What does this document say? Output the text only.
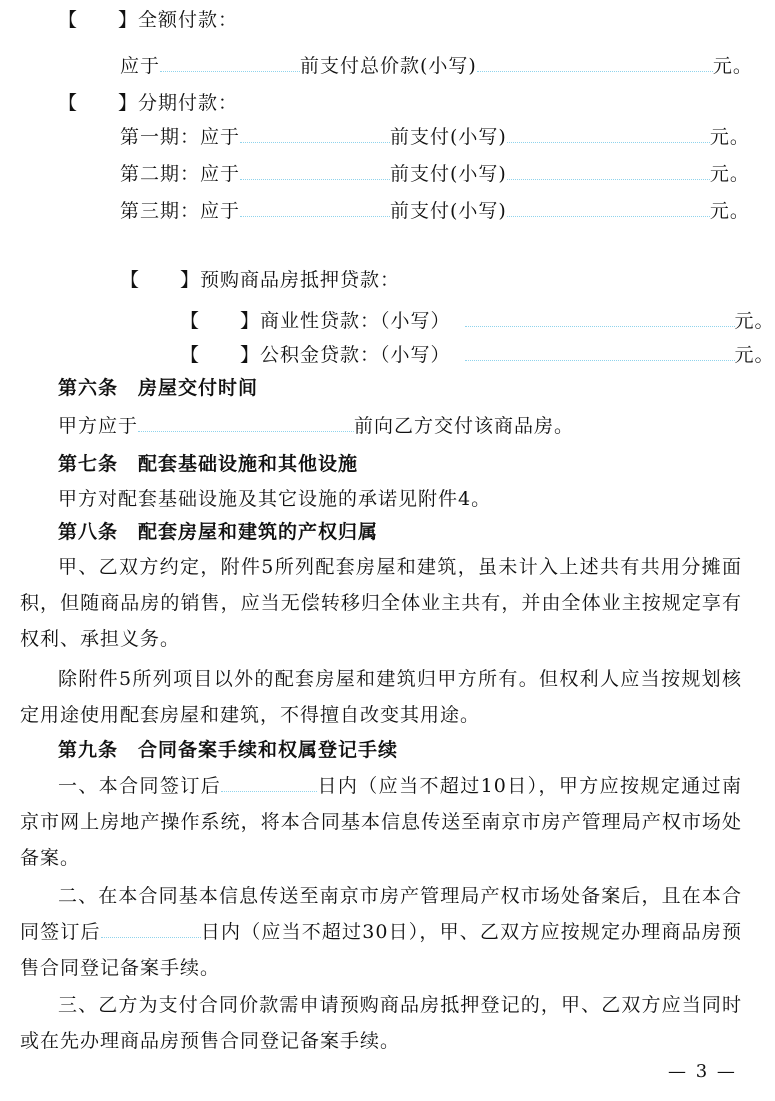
【　　】全额付款：
应于	前支付总价款(小写)	元。
【　　】分期付款：
第一期：应于	前支付(小写)	元。
第二期：应于	前支付(小写)	元。
第三期：应于	前支付(小写)	元。
【　　】预购商品房抵押贷款：
【　　】商业性贷款：（小写）	元。
【　　】公积金贷款：（小写）	元。
第六条　房屋交付时间
甲方应于	前向乙方交付该商品房。
第七条　配套基础设施和其他设施
甲方对配套基础设施及其它设施的承诺见附件4。
第八条　配套房屋和建筑的产权归属
甲、乙双方约定，附件5所列配套房屋和建筑，虽未计入上述共有共用分摊面积，但随商品房的销售，应当无偿转移归全体业主共有，并由全体业主按规定享有权利、承担义务。
除附件5所列项目以外的配套房屋和建筑归甲方所有。但权利人应当按规划核定用途使用配套房屋和建筑，不得擅自改变其用途。
第九条　合同备案手续和权属登记手续
一、本合同签订后	日内（应当不超过10日），甲方应按规定通过南京市网上房地产操作系统，将本合同基本信息传送至南京市房产管理局产权市场处备案。
二、在本合同基本信息传送至南京市房产管理局产权市场处备案后，且在本合同签订后	日内（应当不超过30日），甲、乙双方应按规定办理商品房预售合同登记备案手续。
三、乙方为支付合同价款需申请预购商品房抵押登记的，甲、乙双方应当同时或在先办理商品房预售合同登记备案手续。
— 3 —
